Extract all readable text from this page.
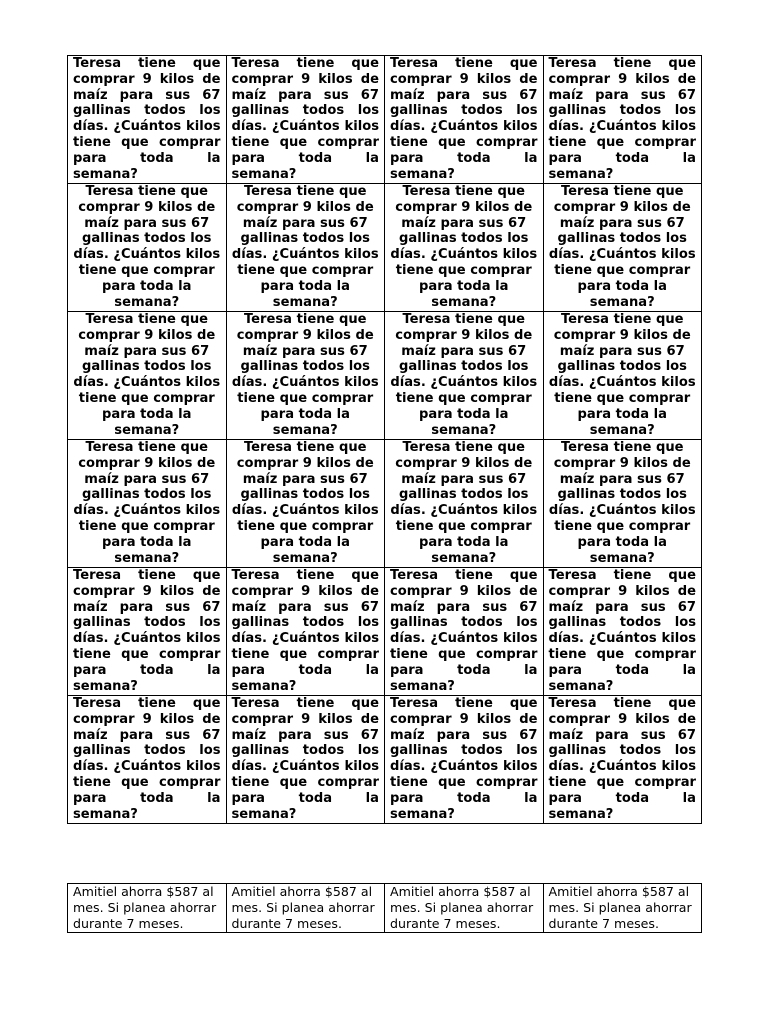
Teresa tiene que comprar 9 kilos de maíz para sus 67 gallinas todos los días. ¿Cuántos kilos tiene que comprar para toda la semana?	Teresa tiene que comprar 9 kilos de maíz para sus 67 gallinas todos los días. ¿Cuántos kilos tiene que comprar para toda la semana?	Teresa tiene que comprar 9 kilos de maíz para sus 67 gallinas todos los días. ¿Cuántos kilos tiene que comprar para toda la semana?	Teresa tiene que comprar 9 kilos de maíz para sus 67 gallinas todos los días. ¿Cuántos kilos tiene que comprar para toda la semana?
Teresa tiene que comprar 9 kilos de maíz para sus 67 gallinas todos los días. ¿Cuántos kilos tiene que comprar para toda la semana?	Teresa tiene que comprar 9 kilos de maíz para sus 67 gallinas todos los días. ¿Cuántos kilos tiene que comprar para toda la semana?	Teresa tiene que comprar 9 kilos de maíz para sus 67 gallinas todos los días. ¿Cuántos kilos tiene que comprar para toda la semana?	Teresa tiene que comprar 9 kilos de maíz para sus 67 gallinas todos los días. ¿Cuántos kilos tiene que comprar para toda la semana?
Teresa tiene que comprar 9 kilos de maíz para sus 67 gallinas todos los días. ¿Cuántos kilos tiene que comprar para toda la semana?	Teresa tiene que comprar 9 kilos de maíz para sus 67 gallinas todos los días. ¿Cuántos kilos tiene que comprar para toda la semana?	Teresa tiene que comprar 9 kilos de maíz para sus 67 gallinas todos los días. ¿Cuántos kilos tiene que comprar para toda la semana?	Teresa tiene que comprar 9 kilos de maíz para sus 67 gallinas todos los días. ¿Cuántos kilos tiene que comprar para toda la semana?
Teresa tiene que comprar 9 kilos de maíz para sus 67 gallinas todos los días. ¿Cuántos kilos tiene que comprar para toda la semana?	Teresa tiene que comprar 9 kilos de maíz para sus 67 gallinas todos los días. ¿Cuántos kilos tiene que comprar para toda la semana?	Teresa tiene que comprar 9 kilos de maíz para sus 67 gallinas todos los días. ¿Cuántos kilos tiene que comprar para toda la semana?	Teresa tiene que comprar 9 kilos de maíz para sus 67 gallinas todos los días. ¿Cuántos kilos tiene que comprar para toda la semana?
Teresa tiene que comprar 9 kilos de maíz para sus 67 gallinas todos los días. ¿Cuántos kilos tiene que comprar para toda la semana?	Teresa tiene que comprar 9 kilos de maíz para sus 67 gallinas todos los días. ¿Cuántos kilos tiene que comprar para toda la semana?	Teresa tiene que comprar 9 kilos de maíz para sus 67 gallinas todos los días. ¿Cuántos kilos tiene que comprar para toda la semana?	Teresa tiene que comprar 9 kilos de maíz para sus 67 gallinas todos los días. ¿Cuántos kilos tiene que comprar para toda la semana?
Teresa tiene que comprar 9 kilos de maíz para sus 67 gallinas todos los días. ¿Cuántos kilos tiene que comprar para toda la semana?	Teresa tiene que comprar 9 kilos de maíz para sus 67 gallinas todos los días. ¿Cuántos kilos tiene que comprar para toda la semana?	Teresa tiene que comprar 9 kilos de maíz para sus 67 gallinas todos los días. ¿Cuántos kilos tiene que comprar para toda la semana?	Teresa tiene que comprar 9 kilos de maíz para sus 67 gallinas todos los días. ¿Cuántos kilos tiene que comprar para toda la semana?
Amitiel ahorra $587 al mes. Si planea ahorrar durante 7 meses.	Amitiel ahorra $587 al mes. Si planea ahorrar durante 7 meses.	Amitiel ahorra $587 al mes. Si planea ahorrar durante 7 meses.	Amitiel ahorra $587 al mes. Si planea ahorrar durante 7 meses.
